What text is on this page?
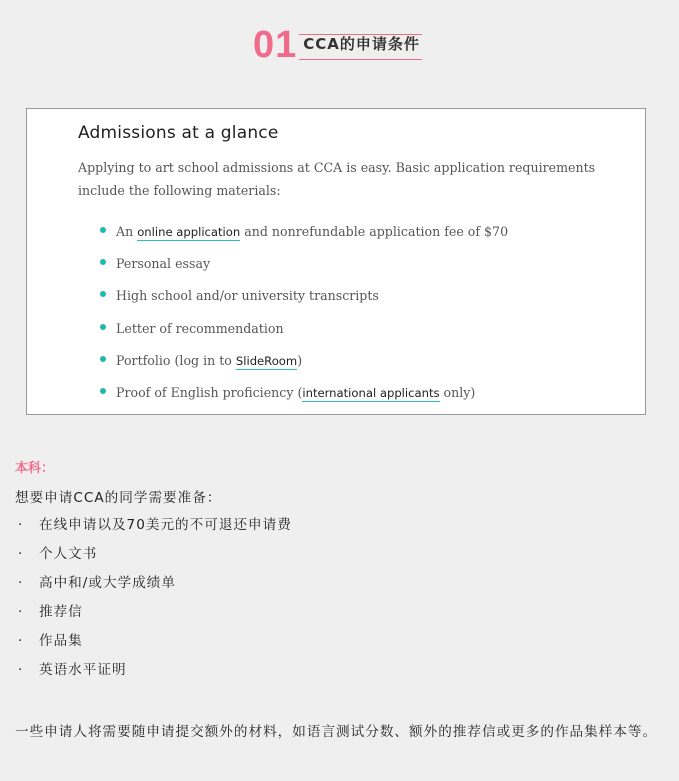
01 CCA的申请条件
Admissions at a glance

Applying to art school admissions at CCA is easy. Basic application requirements include the following materials:

An online application and nonrefundable application fee of $70
Personal essay
High school and/or university transcripts
Letter of recommendation
Portfolio (log in to SlideRoom)
Proof of English proficiency (international applicants only)
本科：
想要申请CCA的同学需要准备：
· 在线申请以及70美元的不可退还申请费
· 个人文书
· 高中和/或大学成绩单
· 推荐信
· 作品集
· 英语水平证明

一些申请人将需要随申请提交额外的材料，如语言测试分数、额外的推荐信或更多的作品集样本等。
